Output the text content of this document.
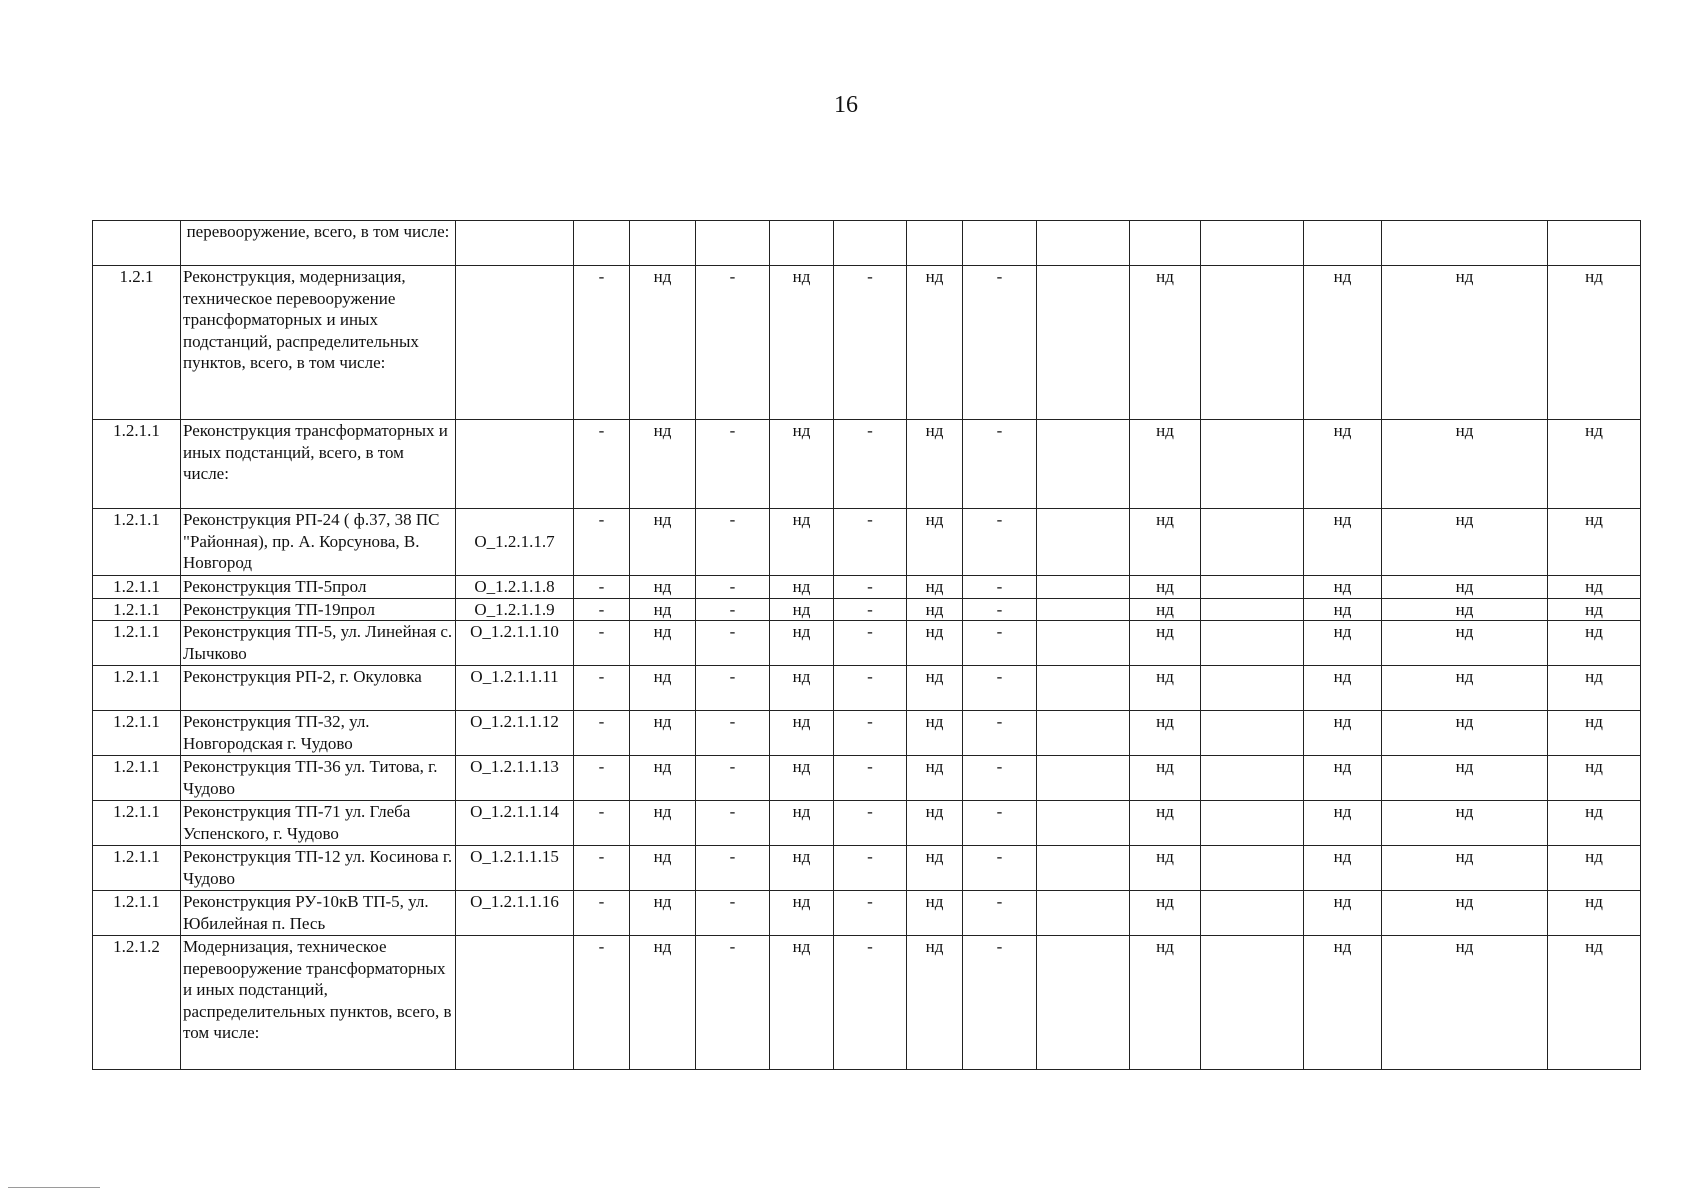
16
	перевооружение, всего, в том числе:														
1.2.1	Реконструкция, модернизация, техническое перевооружение трансформаторных и иных подстанций, распределительных пунктов, всего, в том числе:		-	нд	-	нд	-	нд	-		нд		нд	нд	нд
1.2.1.1	Реконструкция трансформаторных и иных подстанций, всего, в том числе:		-	нд	-	нд	-	нд	-		нд		нд	нд	нд
1.2.1.1	Реконструкция РП-24 ( ф.37, 38 ПС "Районная), пр. А. Корсунова, В. Новгород	О_1.2.1.1.7	-	нд	-	нд	-	нд	-		нд		нд	нд	нд
1.2.1.1	Реконструкция ТП-5прол	О_1.2.1.1.8	-	нд	-	нд	-	нд	-		нд		нд	нд	нд
1.2.1.1	Реконструкция ТП-19прол	О_1.2.1.1.9	-	нд	-	нд	-	нд	-		нд		нд	нд	нд
1.2.1.1	Реконструкция ТП-5, ул. Линейная с. Лычково	О_1.2.1.1.10	-	нд	-	нд	-	нд	-		нд		нд	нд	нд
1.2.1.1	Реконструкция РП-2, г. Окуловка	О_1.2.1.1.11	-	нд	-	нд	-	нд	-		нд		нд	нд	нд
1.2.1.1	Реконструкция ТП-32, ул. Новгородская г. Чудово	О_1.2.1.1.12	-	нд	-	нд	-	нд	-		нд		нд	нд	нд
1.2.1.1	Реконструкция ТП-36 ул. Титова, г. Чудово	О_1.2.1.1.13	-	нд	-	нд	-	нд	-		нд		нд	нд	нд
1.2.1.1	Реконструкция ТП-71 ул. Глеба Успенского, г. Чудово	О_1.2.1.1.14	-	нд	-	нд	-	нд	-		нд		нд	нд	нд
1.2.1.1	Реконструкция ТП-12 ул. Косинова г. Чудово	О_1.2.1.1.15	-	нд	-	нд	-	нд	-		нд		нд	нд	нд
1.2.1.1	Реконструкция РУ-10кВ ТП-5, ул. Юбилейная п. Песь	О_1.2.1.1.16	-	нд	-	нд	-	нд	-		нд		нд	нд	нд
1.2.1.2	Модернизация, техническое перевооружение трансформаторных и иных подстанций, распределительных пунктов, всего, в том числе:		-	нд	-	нд	-	нд	-		нд		нд	нд	нд
